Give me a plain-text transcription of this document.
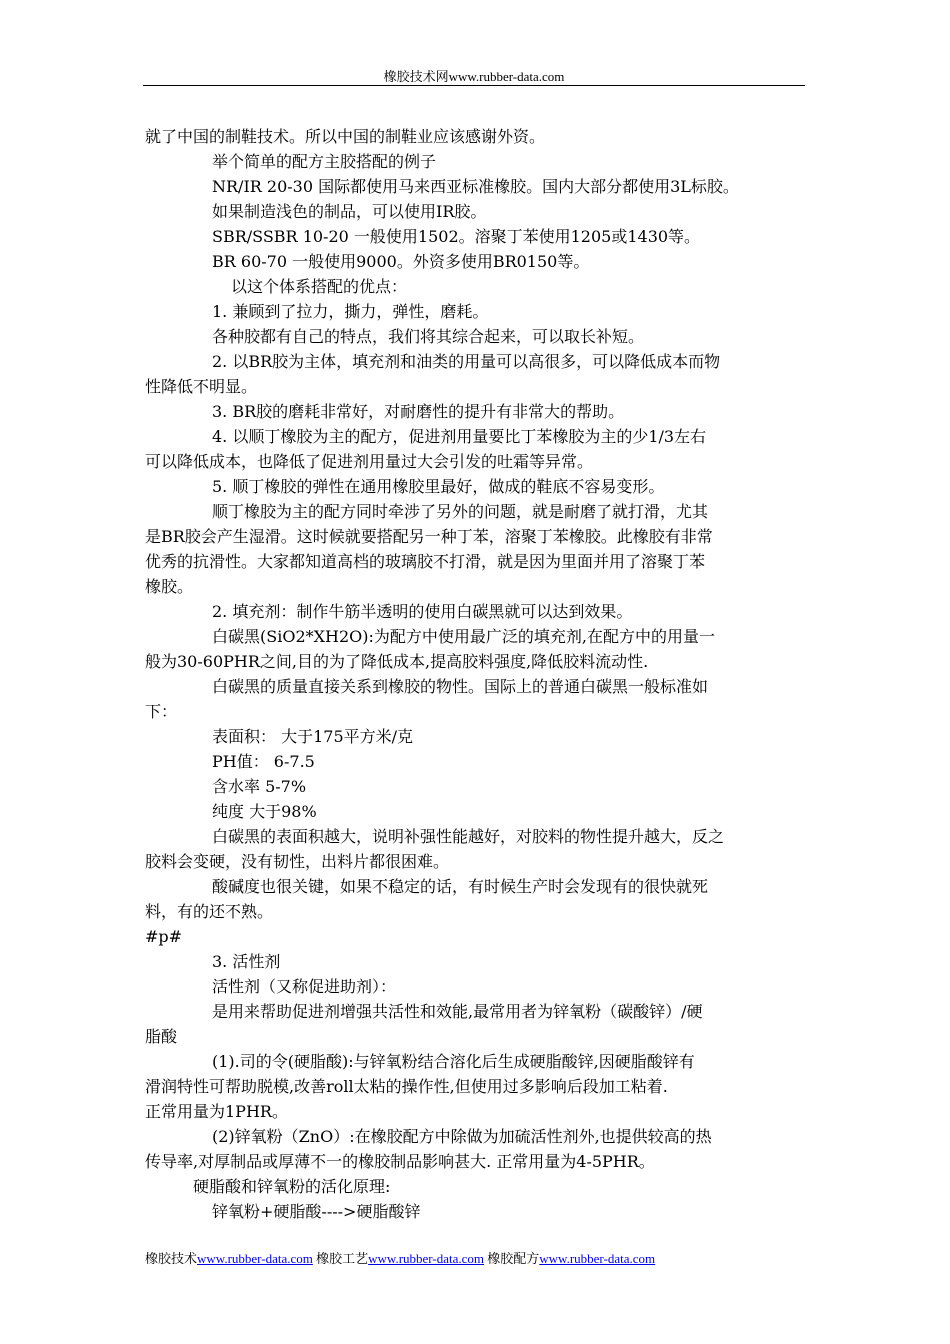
橡胶技术网www.rubber-data.com
就了中国的制鞋技术。所以中国的制鞋业应该感谢外资。
举个简单的配方主胶搭配的例子
NR/IR 20-30 国际都使用马来西亚标准橡胶。国内大部分都使用3L标胶。
如果制造浅色的制品，可以使用IR胶。
SBR/SSBR 10-20 一般使用1502。溶聚丁苯使用1205或1430等。
BR 60-70 一般使用9000。外资多使用BR0150等。
以这个体系搭配的优点：
1. 兼顾到了拉力，撕力，弹性，磨耗。
各种胶都有自己的特点，我们将其综合起来，可以取长补短。
2. 以BR胶为主体，填充剂和油类的用量可以高很多，可以降低成本而物
性降低不明显。
3. BR胶的磨耗非常好，对耐磨性的提升有非常大的帮助。
4. 以顺丁橡胶为主的配方，促进剂用量要比丁苯橡胶为主的少1/3左右
可以降低成本，也降低了促进剂用量过大会引发的吐霜等异常。
5. 顺丁橡胶的弹性在通用橡胶里最好，做成的鞋底不容易变形。
顺丁橡胶为主的配方同时牵涉了另外的问题，就是耐磨了就打滑，尤其
是BR胶会产生湿滑。这时候就要搭配另一种丁苯，溶聚丁苯橡胶。此橡胶有非常
优秀的抗滑性。大家都知道高档的玻璃胶不打滑，就是因为里面并用了溶聚丁苯
橡胶。
2. 填充剂：制作牛筋半透明的使用白碳黑就可以达到效果。
白碳黑(SiO2*XH2O):为配方中使用最广泛的填充剂,在配方中的用量一
般为30-60PHR之间,目的为了降低成本,提高胶料强度,降低胶料流动性.
白碳黑的质量直接关系到橡胶的物性。国际上的普通白碳黑一般标准如
下：
表面积： 大于175平方米/克
PH值： 6-7.5
含水率 5-7%
纯度 大于98%
白碳黑的表面积越大，说明补强性能越好，对胶料的物性提升越大，反之
胶料会变硬，没有韧性，出料片都很困难。
酸碱度也很关键，如果不稳定的话，有时候生产时会发现有的很快就死
料，有的还不熟。
#p#
3. 活性剂
活性剂（又称促进助剂）：
是用来帮助促进剂增强共活性和效能,最常用者为锌氧粉（碳酸锌）/硬
脂酸
(1).司的令(硬脂酸):与锌氧粉结合溶化后生成硬脂酸锌,因硬脂酸锌有
滑润特性可帮助脱模,改善roll太粘的操作性,但使用过多影响后段加工粘着.
正常用量为1PHR。
(2)锌氧粉（ZnO）:在橡胶配方中除做为加硫活性剂外,也提供较高的热
传导率,对厚制品或厚薄不一的橡胶制品影响甚大. 正常用量为4-5PHR。
硬脂酸和锌氧粉的活化原理:
锌氧粉+硬脂酸---->硬脂酸锌
橡胶技术www.rubber-data.com 橡胶工艺www.rubber-data.com 橡胶配方www.rubber-data.com
